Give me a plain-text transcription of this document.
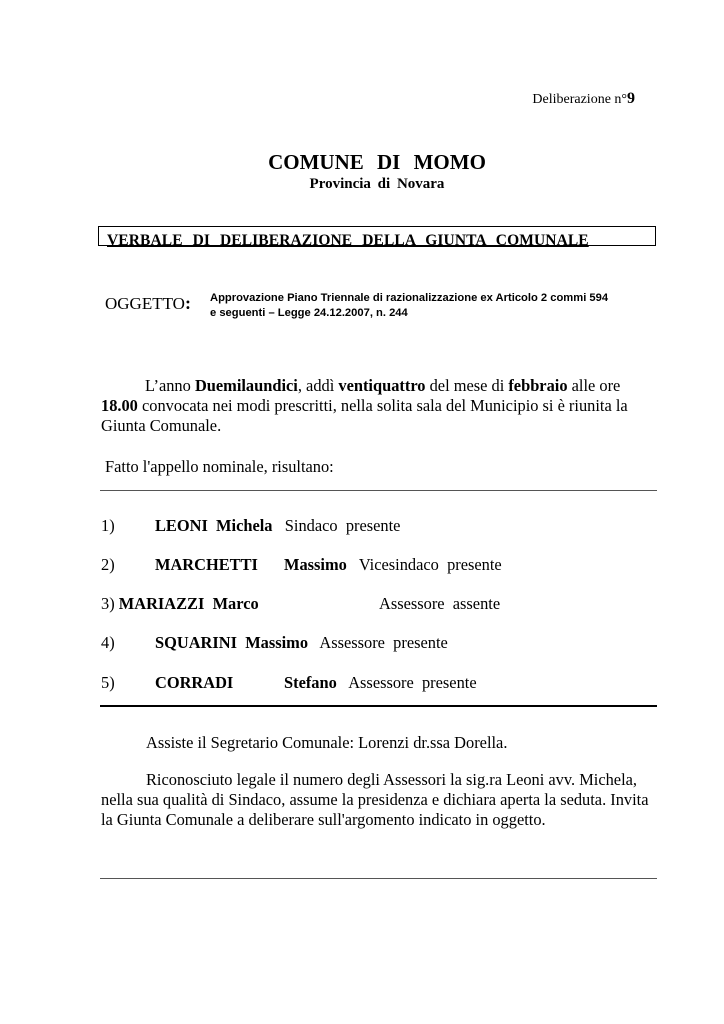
Deliberazione n°9
COMUNE DI MOMO
Provincia di Novara
VERBALE DI DELIBERAZIONE DELLA GIUNTA COMUNALE
OGGETTO: Approvazione Piano Triennale di razionalizzazione ex Articolo 2 commi 594
e seguenti – Legge 24.12.2007, n. 244
L’anno Duemilaundici, addì ventiquattro del mese di febbraio alle ore 18.00 convocata nei modi prescritti, nella solita sala del Municipio si è riunita la Giunta Comunale.
Fatto l'appello nominale, risultano:
1) LEONI Michela Sindaco presente
2) MARCHETTI Massimo Vicesindaco presente
3) MARIAZZI Marco	Assessore assente
4) SQUARINI Massimo Assessore presente
5) CORRADI	Stefano Assessore presente
Assiste il Segretario Comunale: Lorenzi dr.ssa Dorella.
Riconosciuto legale il numero degli Assessori la sig.ra Leoni avv. Michela, nella sua qualità di Sindaco, assume la presidenza e dichiara aperta la seduta. Invita la Giunta Comunale a deliberare sull'argomento indicato in oggetto.
